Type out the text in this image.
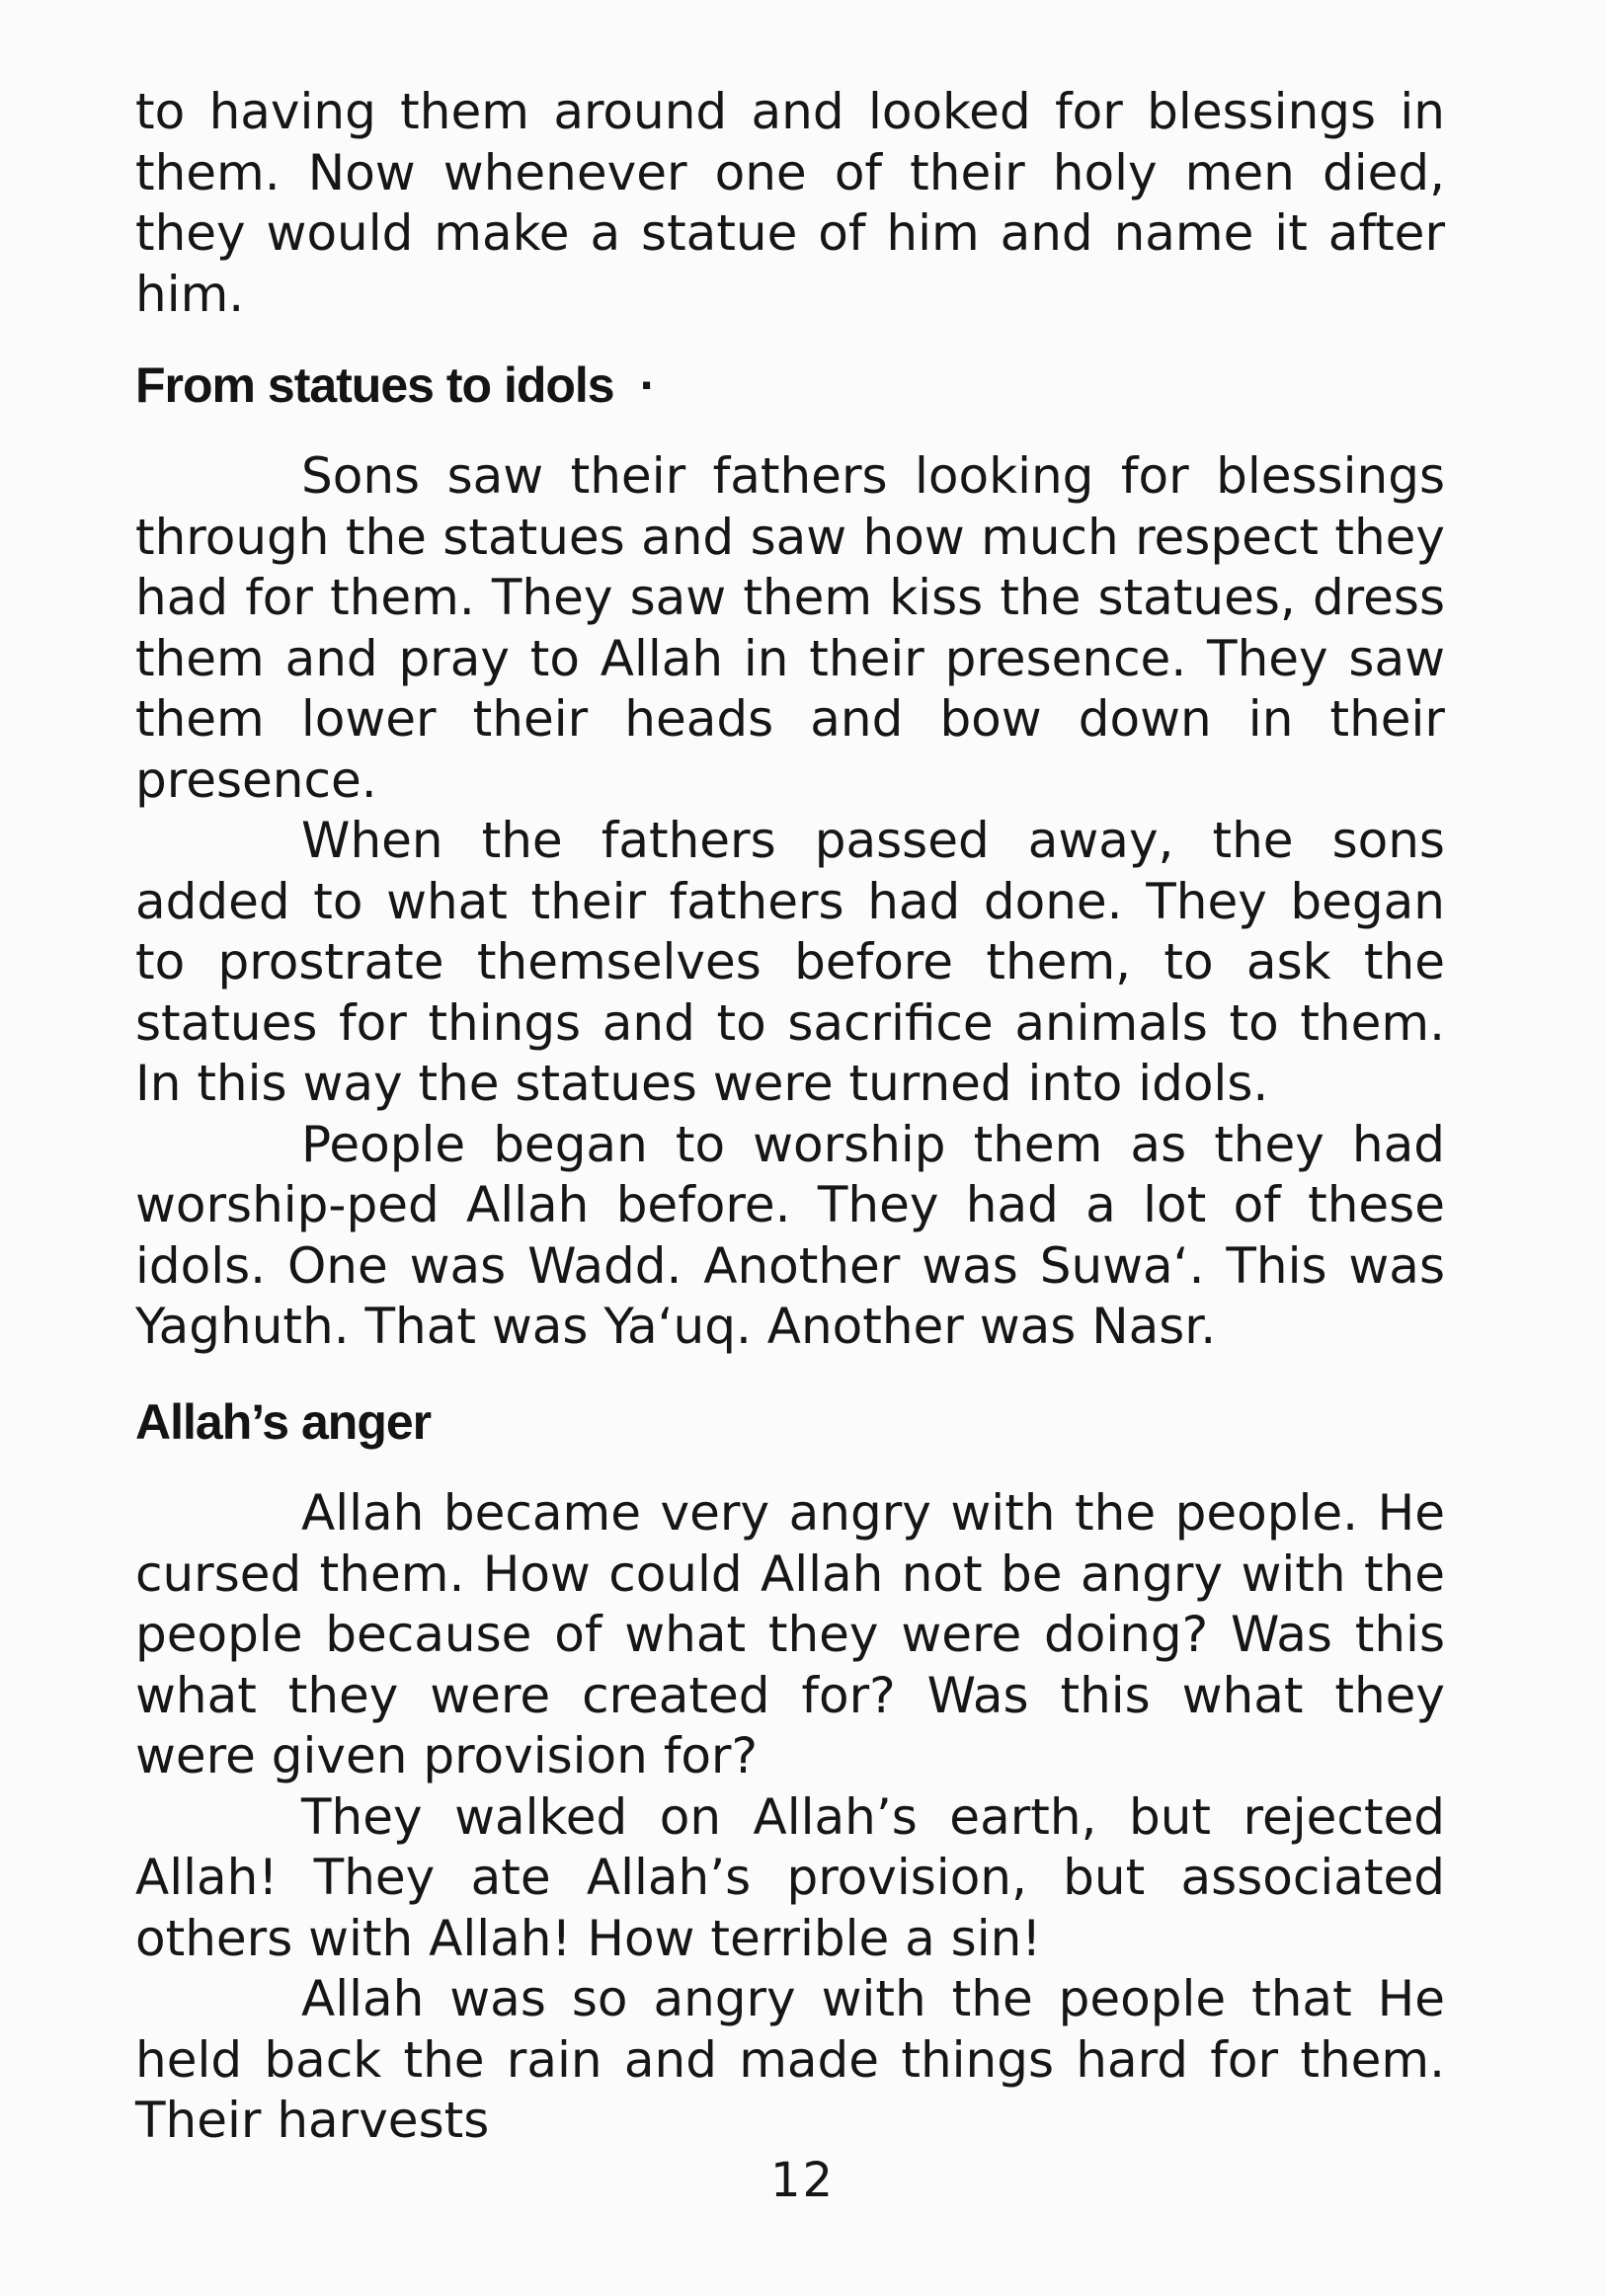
to having them around and looked for blessings in them. Now whenever one of their holy men died, they would make a statue of him and name it after him.

From statues to idols ·

Sons saw their fathers looking for blessings through the statues and saw how much respect they had for them. They saw them kiss the statues, dress them and pray to Allah in their presence. They saw them lower their heads and bow down in their presence.

When the fathers passed away, the sons added to what their fathers had done. They began to prostrate themselves before them, to ask the statues for things and to sacrifice animals to them. In this way the statues were turned into idols.

People began to worship them as they had worship-ped Allah before. They had a lot of these idols. One was Wadd. Another was Suwa‘. This was Yaghuth. That was Ya‘uq. Another was Nasr.

Allah’s anger

Allah became very angry with the people. He cursed them. How could Allah not be angry with the people because of what they were doing? Was this what they were created for? Was this what they were given provision for?

They walked on Allah’s earth, but rejected Allah! They ate Allah’s provision, but associated others with Allah! How terrible a sin!

Allah was so angry with the people that He held back the rain and made things hard for them. Their harvests

12
